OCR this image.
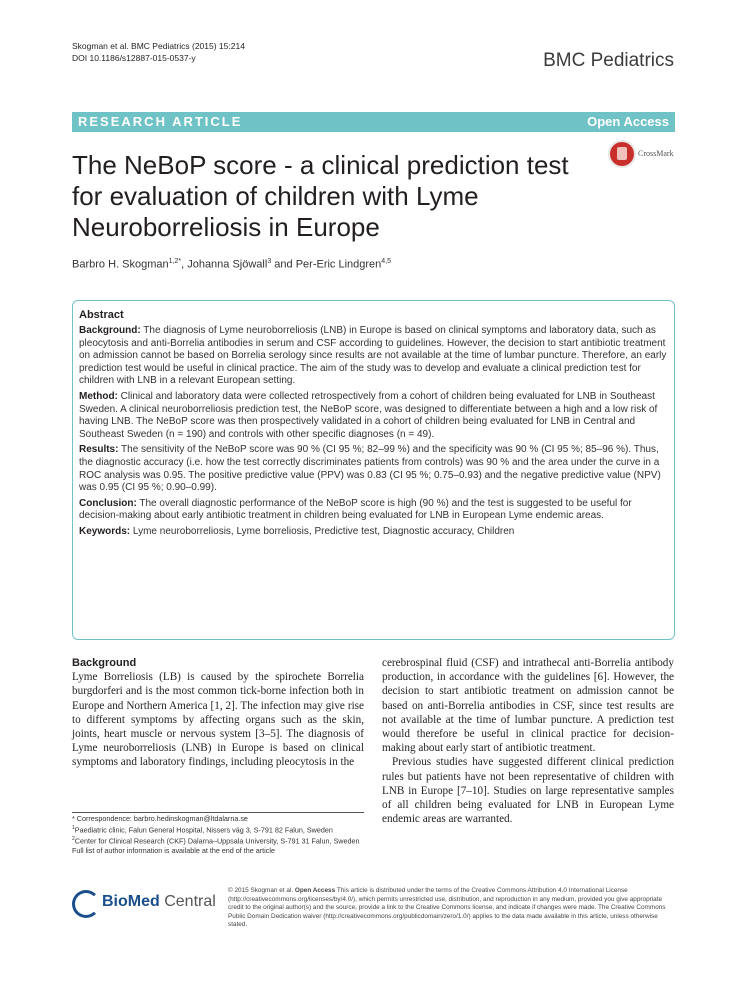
Skogman et al. BMC Pediatrics (2015) 15:214
DOI 10.1186/s12887-015-0537-y	BMC Pediatrics
RESEARCH ARTICLE	Open Access
The NeBoP score - a clinical prediction test for evaluation of children with Lyme Neuroborreliosis in Europe
CrossMark
Barbro H. Skogman$^{1,2*}$, Johanna Sjöwall$^3$ and Per-Eric Lindgren$^{4,5}$
Abstract

Background: The diagnosis of Lyme neuroborreliosis (LNB) in Europe is based on clinical symptoms and laboratory data, such as pleocytosis and anti-Borrelia antibodies in serum and CSF according to guidelines. However, the decision to start antibiotic treatment on admission cannot be based on Borrelia serology since results are not available at the time of lumbar puncture. Therefore, an early prediction test would be useful in clinical practice. The aim of the study was to develop and evaluate a clinical prediction test for children with LNB in a relevant European setting.

Method: Clinical and laboratory data were collected retrospectively from a cohort of children being evaluated for LNB in Southeast Sweden. A clinical neuroborreliosis prediction test, the NeBoP score, was designed to differentiate between a high and a low risk of having LNB. The NeBoP score was then prospectively validated in a cohort of children being evaluated for LNB in Central and Southeast Sweden (n = 190) and controls with other specific diagnoses (n = 49).

Results: The sensitivity of the NeBoP score was 90 % (CI 95 %; 82–99 %) and the specificity was 90 % (CI 95 %; 85–96 %). Thus, the diagnostic accuracy (i.e. how the test correctly discriminates patients from controls) was 90 % and the area under the curve in a ROC analysis was 0.95. The positive predictive value (PPV) was 0.83 (CI 95 %; 0.75–0.93) and the negative predictive value (NPV) was 0.95 (CI 95 %; 0.90–0.99).

Conclusion: The overall diagnostic performance of the NeBoP score is high (90 %) and the test is suggested to be useful for decision-making about early antibiotic treatment in children being evaluated for LNB in European Lyme endemic areas.

Keywords: Lyme neuroborreliosis, Lyme borreliosis, Predictive test, Diagnostic accuracy, Children

Background

Lyme Borreliosis (LB) is caused by the spirochete Borrelia burgdorferi and is the most common tick-borne infection both in Europe and Northern America [1, 2]. The infection may give rise to different symptoms by affecting organs such as the skin, joints, heart muscle or nervous system [3–5]. The diagnosis of Lyme neuroborreliosis (LNB) in Europe is based on clinical symptoms and laboratory findings, including pleocytosis in the

cerebrospinal fluid (CSF) and intrathecal anti-Borrelia antibody production, in accordance with the guidelines [6]. However, the decision to start antibiotic treatment on admission cannot be based on anti-Borrelia antibodies in CSF, since test results are not available at the time of lumbar puncture. A prediction test would therefore be useful in clinical practice for decision-making about early start of antibiotic treatment.

Previous studies have suggested different clinical prediction rules but patients have not been representative of children with LNB in Europe [7–10]. Studies on large representative samples of all children being evaluated for LNB in European Lyme endemic areas are warranted.

* Correspondence: barbro.hedinskogman@ltdalarna.se
$^1$Paediatric clinic, Falun General Hospital, Nissers väg 3, S-791 82 Falun, Sweden
$^2$Center for Clinical Research (CKF) Dalarna–Uppsala University, S-791 31 Falun, Sweden
Full list of author information is available at the end of the article
BioMed Central
© 2015 Skogman et al. Open Access This article is distributed under the terms of the Creative Commons Attribution 4.0 International License (http://creativecommons.org/licenses/by/4.0/), which permits unrestricted use, distribution, and reproduction in any medium, provided you give appropriate credit to the original author(s) and the source, provide a link to the Creative Commons license, and indicate if changes were made. The Creative Commons Public Domain Dedication waiver (http://creativecommons.org/publicdomain/zero/1.0/) applies to the data made available in this article, unless otherwise stated.
